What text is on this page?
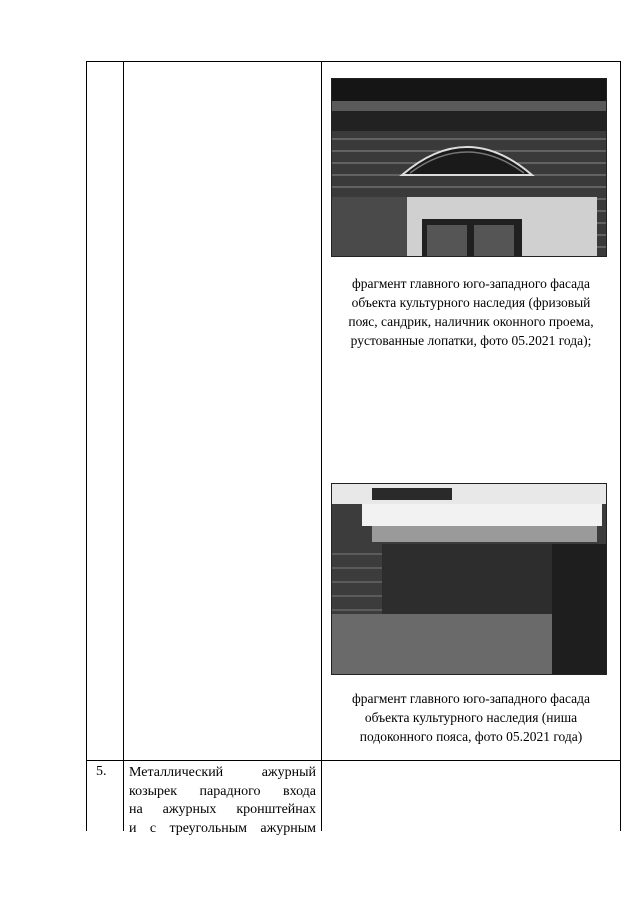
фрагмент главного юго-западного фасада
объекта культурного наследия (фризовый
пояс, сандрик, наличник оконного проема,
рустованные лопатки, фото 05.2021 года);
фрагмент главного юго-западного фасада
объекта культурного наследия (ниша
подоконного пояса, фото 05.2021 года)
5. Металлический ажурный
козырек парадного входа
на ажурных кронштейнах
и с треугольным ажурным
